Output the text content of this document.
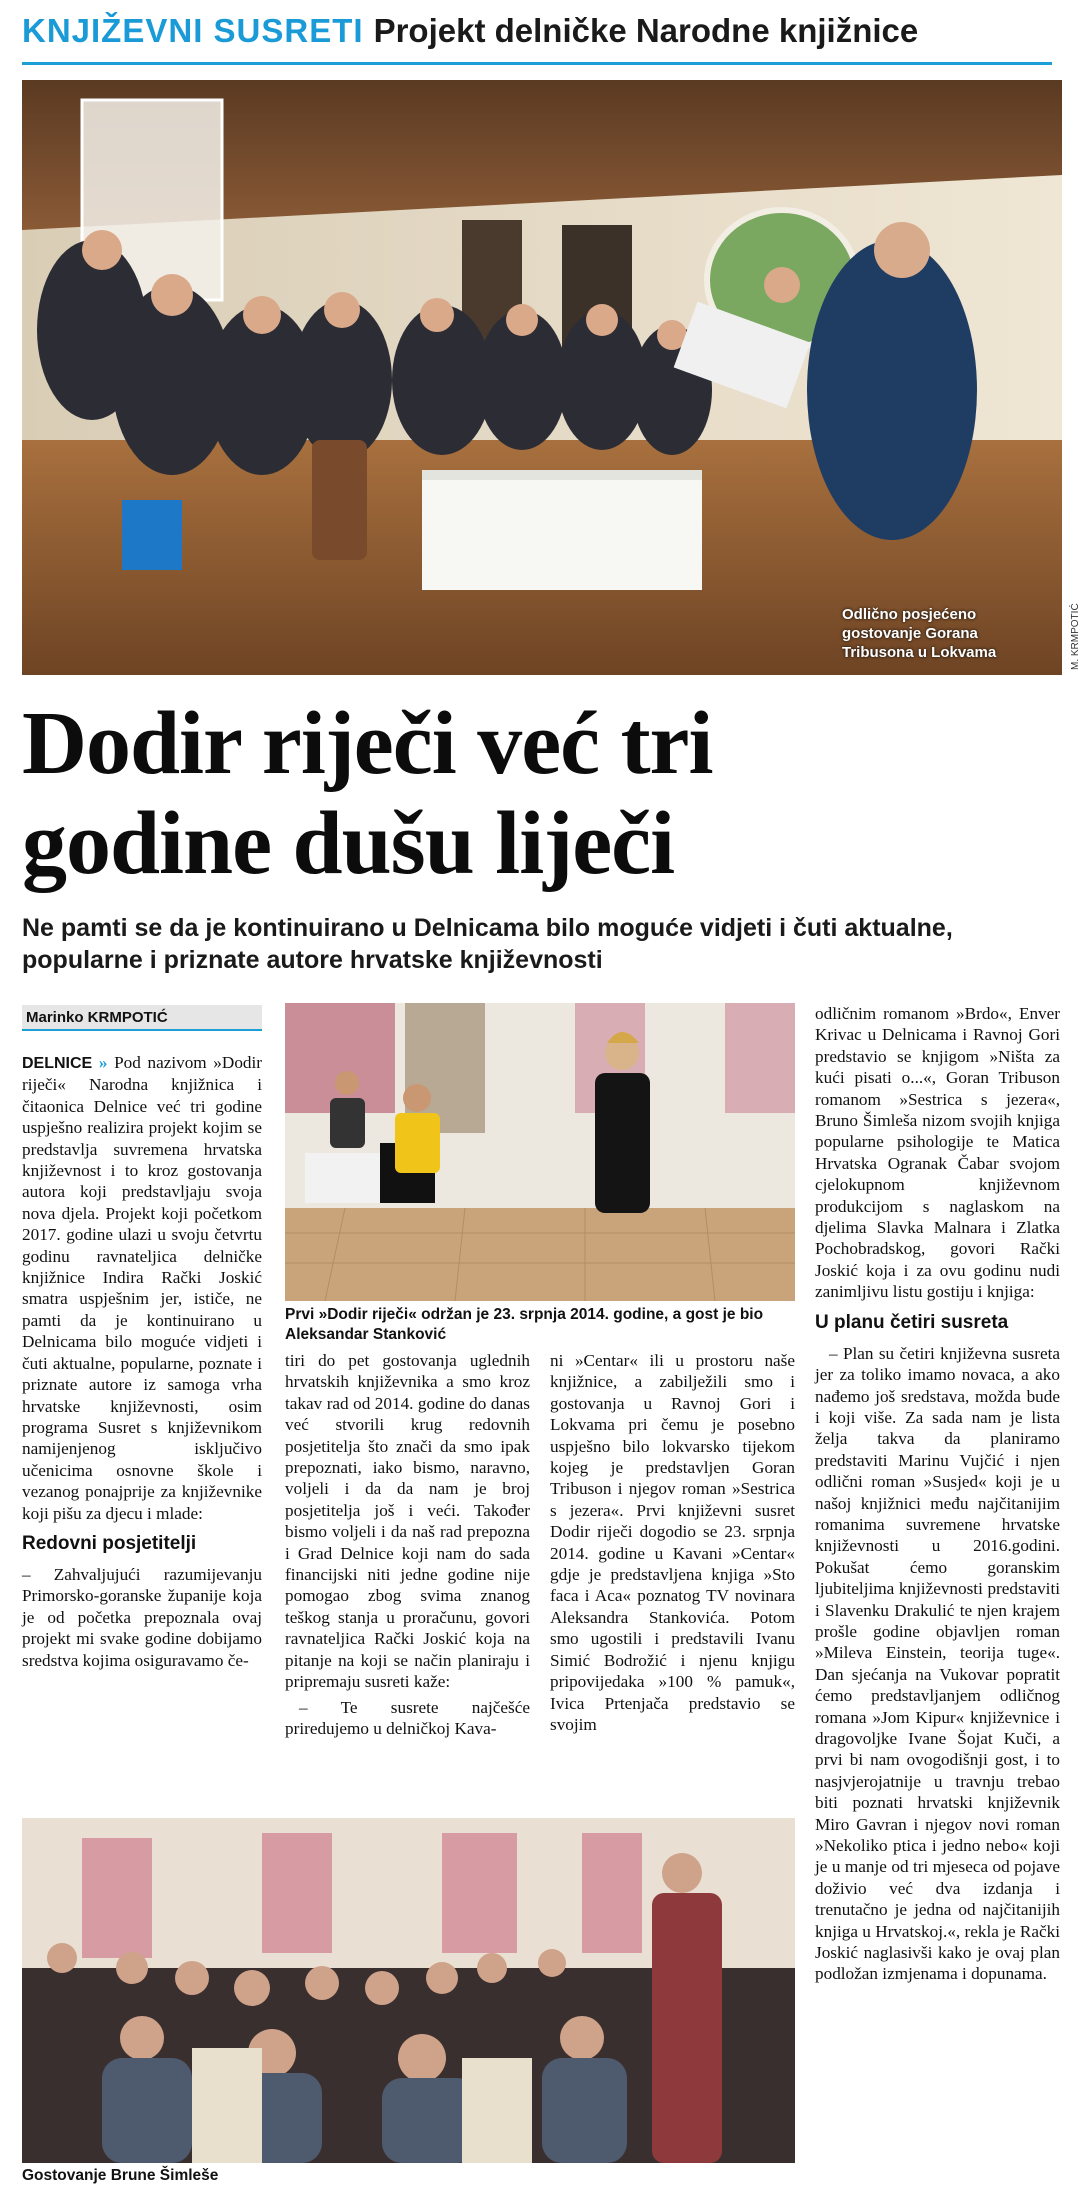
KNJIŽEVNI SUSRETI Projekt delničke Narodne knjižnice
Odlično posjećeno gostovanje Gorana Tribusona u Lokvama	M. KRMPOTIĆ
Dodir riječi već tri
godine dušu liječi
Ne pamti se da je kontinuirano u Delnicama bilo moguće vidjeti i čuti aktualne, popularne i priznate autore hrvatske književnosti
Marinko KRMPOTIĆ

DELNICE » Pod nazivom »Dodir riječi« Narodna knjižnica i čitaonica Delnice već tri godine uspješno realizira projekt kojim se predstavlja suvremena hrvatska književnost i to kroz gostovanja autora koji predstavljaju svoja nova djela. Projekt koji početkom 2017. godine ulazi u svoju četvrtu godinu ravnateljica delničke knjižnice Indira Rački Joskić smatra uspješnim jer, ističe, ne pamti da je kontinuirano u Delnicama bilo moguće vidjeti i čuti aktualne, popularne, poznate i priznate autore iz samoga vrha hrvatske književnosti, osim programa Susret s književnikom namijenjenog isključivo učenicima osnovne škole i vezanog ponajprije za književnike koji pišu za djecu i mlade:

Redovni posjetitelji

– Zahvaljujući razumijevanju Primorsko-goranske županije koja je od početka prepoznala ovaj projekt mi svake godine dobijamo sredstva kojima osiguravamo če-

Prvi »Dodir riječi« održan je 23. srpnja 2014. godine, a gost je bio Aleksandar Stanković

tiri do pet gostovanja uglednih hrvatskih književnika a smo kroz takav rad od 2014. godine do danas već stvorili krug redovnih posjetitelja što znači da smo ipak prepoznati, iako bismo, naravno, voljeli i da da nam je broj posjetitelja još i veći. Također bismo voljeli i da naš rad prepozna i Grad Delnice koji nam do sada financijski niti jedne godine nije pomogao zbog svima znanog teškog stanja u proračunu, govori ravnateljica Rački Joskić koja na pitanje na koji se način planiraju i pripremaju susreti kaže:

– Te susrete najčešće priredujemo u delničkoj Kava-

ni »Centar« ili u prostoru naše knjižnice, a zabilježili smo i gostovanja u Ravnoj Gori i Lokvama pri čemu je posebno uspješno bilo lokvarsko tijekom kojeg je predstavljen Goran Tribuson i njegov roman »Sestrica s jezera«. Prvi književni susret Dodir riječi dogodio se 23. srpnja 2014. godine u Kavani »Centar« gdje je predstavljena knjiga »Sto faca i Aca« poznatog TV novinara Aleksandra Stankovića. Potom smo ugostili i predstavili Ivanu Simić Bodrožić i njenu knjigu pripovijedaka »100 % pamuk«, Ivica Prtenjača predstavio se svojim

odličnim romanom »Brdo«, Enver Krivac u Delnicama i Ravnoj Gori predstavio se knjigom »Ništa za kući pisati o...«, Goran Tribuson romanom »Sestrica s jezera«, Bruno Šimleša nizom svojih knjiga popularne psihologije te Matica Hrvatska Ogranak Čabar svojom cjelokupnom književnom produkcijom s naglaskom na djelima Slavka Malnara i Zlatka Pochobradskog, govori Rački Joskić koja i za ovu godinu nudi zanimljivu listu gostiju i knjiga:

U planu četiri susreta

– Plan su četiri književna susreta jer za toliko imamo novaca, a ako nađemo još sredstava, možda bude i koji više. Za sada nam je lista želja takva da planiramo predstaviti Marinu Vujčić i njen odlični roman »Susjed« koji je u našoj knjižnici među najčitanijim romanima suvremene hrvatske književnosti u 2016.godini. Pokušat ćemo goranskim ljubiteljima književnosti predstaviti i Slavenku Drakulić te njen krajem prošle godine objavljen roman »Mileva Einstein, teorija tuge«. Dan sjećanja na Vukovar popratit ćemo predstavljanjem odličnog romana »Jom Kipur« književnice i dragovoljke Ivane Šojat Kuči, a prvi bi nam ovogodišnji gost, i to nasjvjerojatnije u travnju trebao biti poznati hrvatski književnik Miro Gavran i njegov novi roman »Nekoliko ptica i jedno nebo« koji je u manje od tri mjeseca od pojave doživio već dva izdanja i trenutačno je jedna od najčitanijih knjiga u Hrvatskoj.«, rekla je Rački Joskić naglasivši kako je ovaj plan podložan izmjenama i dopunama.

Gostovanje Brune Šimleše
